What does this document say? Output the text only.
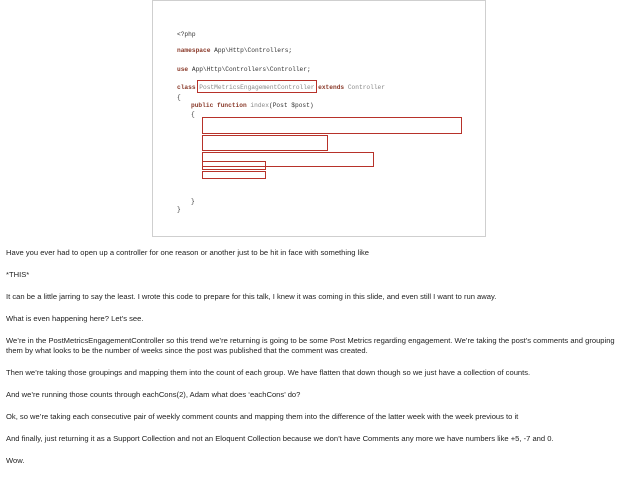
<?php
namespace App\Http\Controllers;
use App\Http\Controllers\Controller;
class PostMetricsEngagementController extends Controller
{
public function index(Post $post)
{
}
}

Have you ever had to open up a controller for one reason or another just to be hit in face with something like

*THIS*

It can be a little jarring to say the least. I wrote this code to prepare for this talk, I knew it was coming in this slide, and even still I want to run away.

What is even happening here? Let’s see.

We’re in the PostMetricsEngagementController so this trend we’re returning is going to be some Post Metrics regarding engagement. We’re taking the post’s comments and grouping them by what looks to be the number of weeks since the post was published that the comment was created.

Then we’re taking those groupings and mapping them into the count of each group. We have flatten that down though so we just have a collection of counts.

And we’re running those counts through eachCons(2), Adam what does ‘eachCons’ do?

Ok, so we’re taking each consecutive pair of weekly comment counts and mapping them into the difference of the latter week with the week previous to it

And finally, just returning it as a Support Collection and not an Eloquent Collection because we don’t have Comments any more we have numbers like +5, -7 and 0.

Wow.
